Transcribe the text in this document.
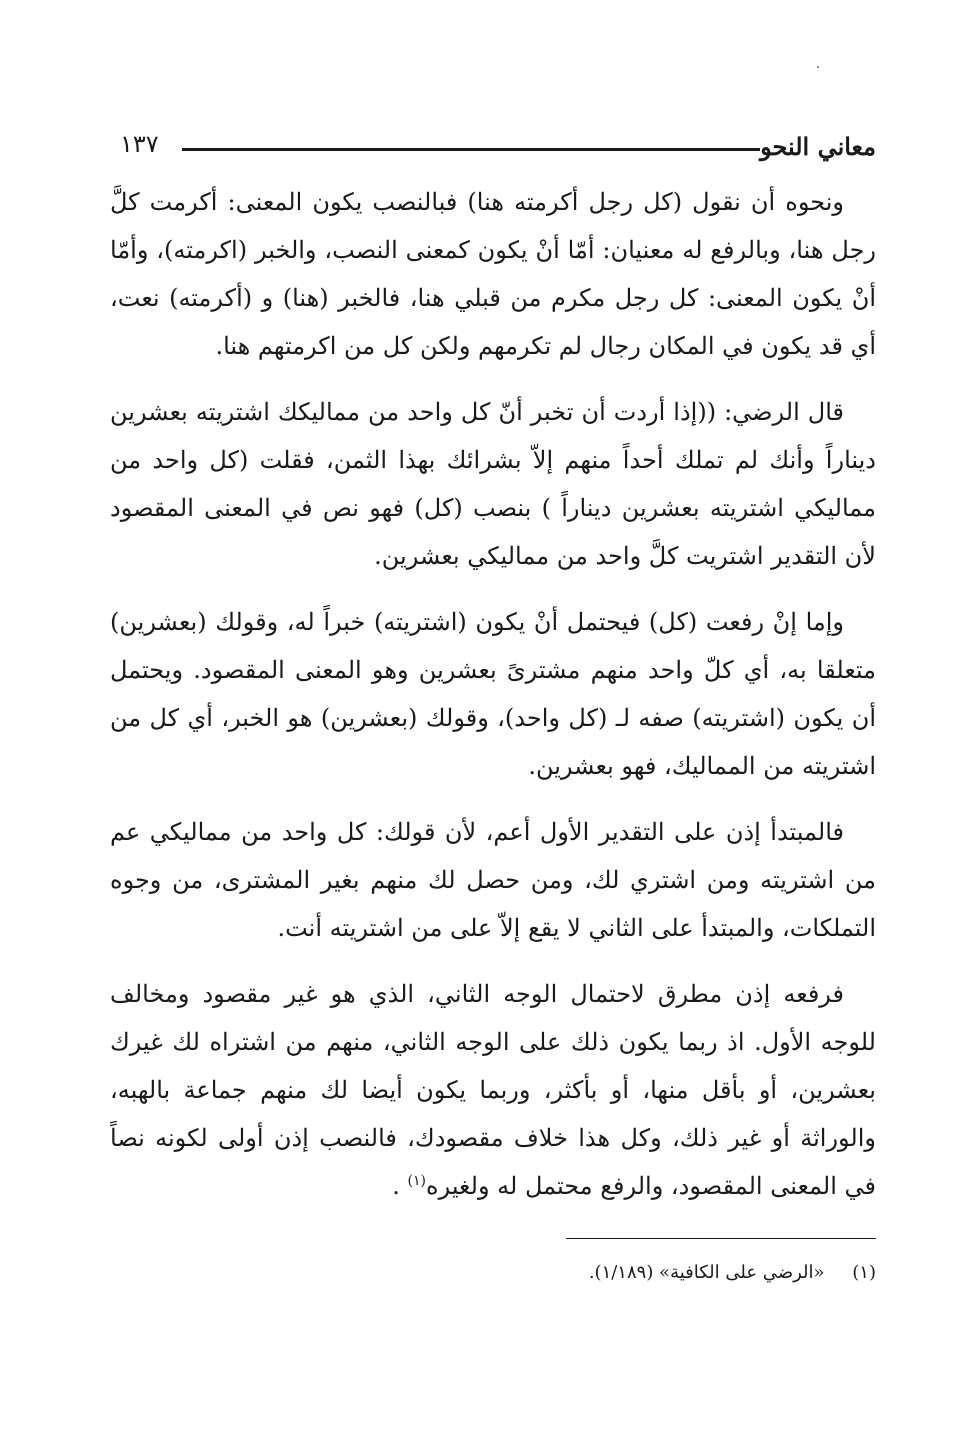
معاني النحو
١٣٧

ونحوه أن نقول (كل رجل أكرمته هنا) فبالنصب يكون المعنى: أكرمت كلَّ رجل هنا، وبالرفع له معنيان: أمّا أنْ يكون كمعنى النصب، والخبر (اكرمته)، وأمّا أنْ يكون المعنى: كل رجل مكرم من قبلي هنا، فالخبر (هنا) و (أكرمته) نعت، أي قد يكون في المكان رجال لم تكرمهم ولكن كل من اكرمتهم هنا.

قال الرضي: ((إذا أردت أن تخبر أنّ كل واحد من مماليكك اشتريته بعشرين ديناراً وأنك لم تملك أحداً منهم إلاّ بشرائك بهذا الثمن، فقلت (كل واحد من مماليكي اشتريته بعشرين ديناراً ) بنصب (كل) فهو نص في المعنى المقصود لأن التقدير اشتريت كلَّ واحد من مماليكي بعشرين.

وإما إنْ رفعت (كل) فيحتمل أنْ يكون (اشتريته) خبراً له، وقولك (بعشرين) متعلقا به، أي كلّ واحد منهم مشترىً بعشرين وهو المعنى المقصود. ويحتمل أن يكون (اشتريته) صفه لـ (كل واحد)، وقولك (بعشرين) هو الخبر، أي كل من اشتريته من المماليك، فهو بعشرين.

فالمبتدأ إذن على التقدير الأول أعم، لأن قولك: كل واحد من مماليكي عم من اشتريته ومن اشتري لك، ومن حصل لك منهم بغير المشترى، من وجوه التملكات، والمبتدأ على الثاني لا يقع إلاّ على من اشتريته أنت.

فرفعه إذن مطرق لاحتمال الوجه الثاني، الذي هو غير مقصود ومخالف للوجه الأول. اذ ربما يكون ذلك على الوجه الثاني، منهم من اشتراه لك غيرك بعشرين، أو بأقل منها، أو بأكثر، وربما يكون أيضا لك منهم جماعة بالهبه، والوراثة أو غير ذلك، وكل هذا خلاف مقصودك، فالنصب إذن أولى لكونه نصاً في المعنى المقصود، والرفع محتمل له ولغيره$^{(١)}$ .

(١) «الرضي على الكافية» (١/١٨٩).
